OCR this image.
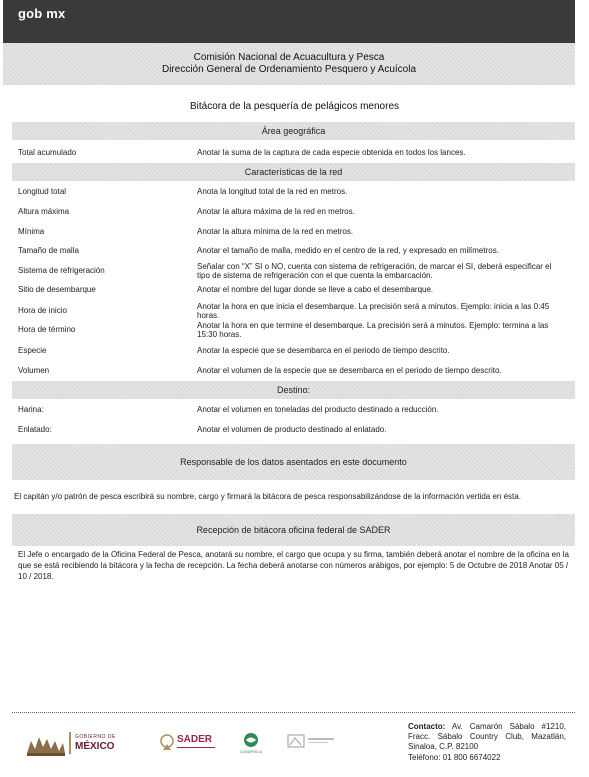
gob mx
Comisión Nacional de Acuacultura y Pesca
Dirección General de Ordenamiento Pesquero y Acuícola
Bitácora de la pesquería de pelágicos menores
Área geográfica
Total acumulado	Anotar la suma de la captura de cada especie obtenida en todos los lances.
Características de la red
Longitud total	Anota la longitud total de la red en metros.
Altura máxima	Anotar la altura máxima de la red en metros.
Mínima	Anotar la altura mínima de la red en metros.
Tamaño de malla	Anotar el tamaño de malla, medido en el centro de la red, y expresado en milímetros.
Sistema de refrigeración	Señalar con “X” SI o NO, cuenta con sistema de refrigeración, de marcar el SI, deberá especificar el tipo de sistema de refrigeración con el que cuenta la embarcación.
Sitio de desembarque	Anotar el nombre del lugar donde se lleve a cabo el desembarque.
Hora de inicio	Anotar la hora en que inicia el desembarque. La precisión será a minutos. Ejemplo: inicia a las 0:45 horas.
Hora de término	Anotar la hora en que termine el desembarque. La precisión será a minutos. Ejemplo: termina a las 15:30 horas.
Especie	Anotar la especie que se desembarca en el periodo de tiempo descrito.
Volumen	Anotar el volumen de la especie que se desembarca en el periodo de tiempo descrito.
Destino:
Harina:	Anotar el volumen en toneladas del producto destinado a reducción.
Enlatado:	Anotar el volumen de producto destinado al enlatado.
Responsable de los datos asentados en este documento
El capitán y/o patrón de pesca escribirá su nombre, cargo y firmará la bitácora de pesca responsabilizándose de la información vertida en ésta.
Recepción de bitácora oficina federal de SADER
El Jefe o encargado de la Oficina Federal de Pesca, anotará su nombre, el cargo que ocupa y su firma, también deberá anotar el nombre de la oficina en la que se está recibiendo la bitácora y la fecha de recepción. La fecha deberá anotarse con números arábigos, por ejemplo: 5 de Octubre de 2018 Anotar 05 / 10 / 2018.
GOBIERNO DE
MÉXICO
SADER
CONAPESCA
Contacto: Av. Camarón Sábalo #1210, Fracc. Sábalo Country Club, Mazatlán, Sinaloa, C.P. 82100
Teléfono: 01 800 6674022
